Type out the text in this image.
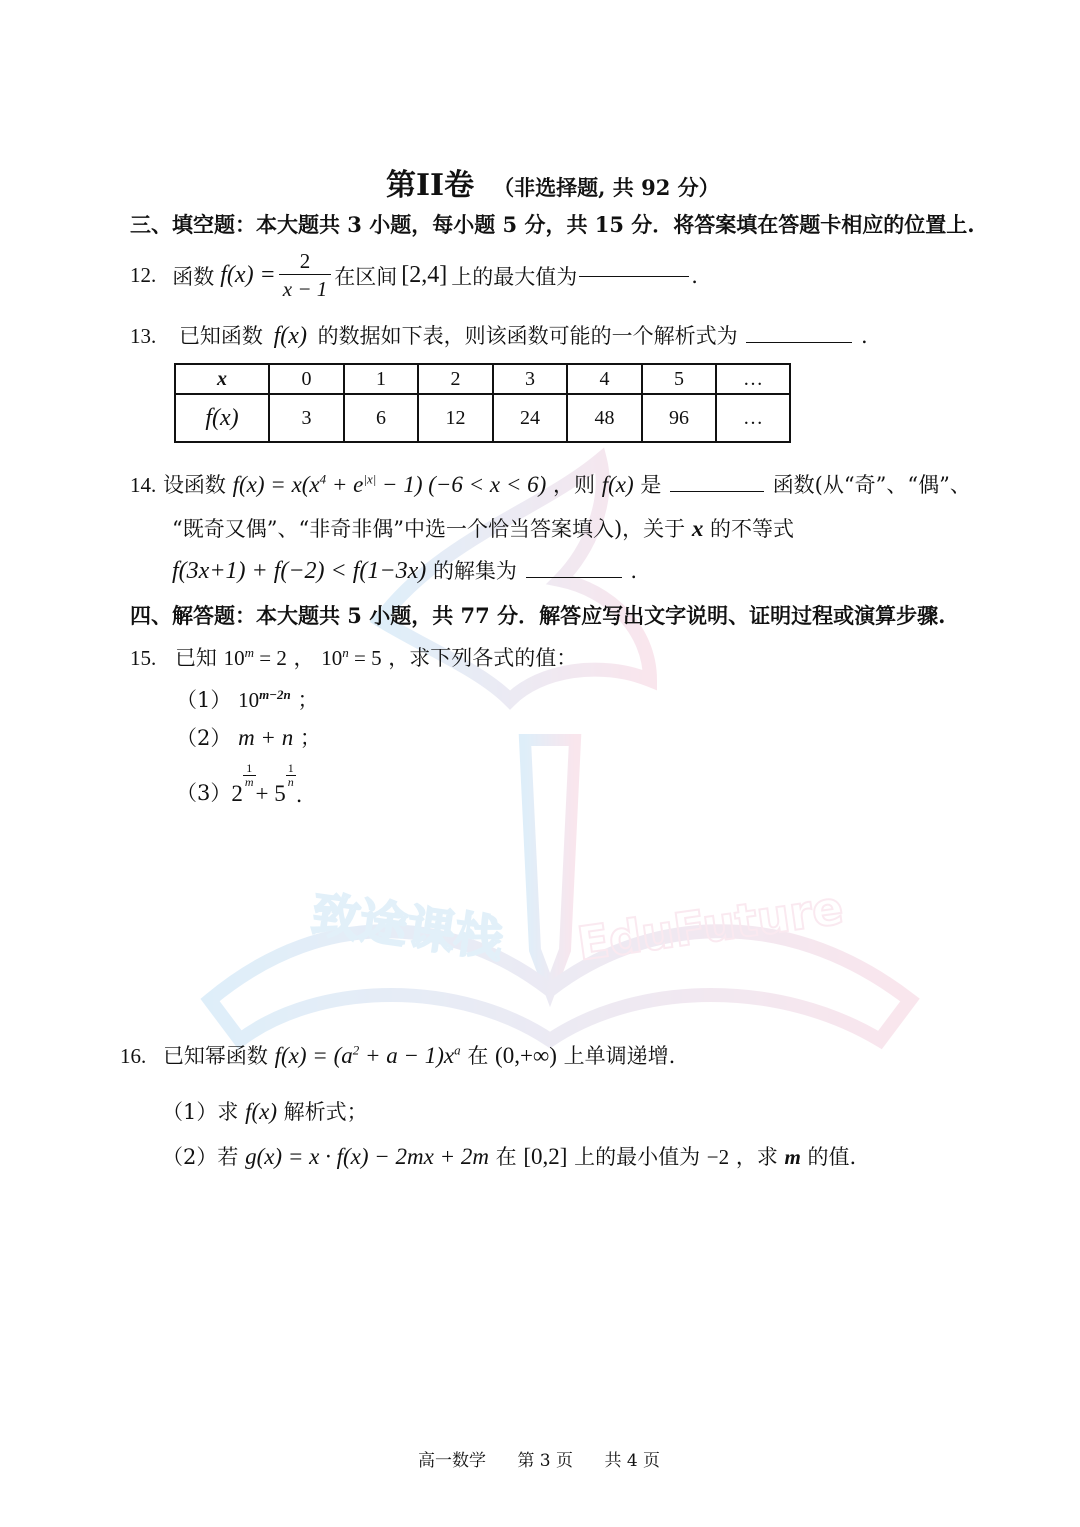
致途课栈 EduFuture
第II卷 （非选择题, 共 92 分）
三、填空题：本大题共 3 小题，每小题 5 分，共 15 分．将答案填在答题卡相应的位置上.
12. 函数 $f(x) = \frac{2}{x - 1}$ 在区间 [2,4] 上的最大值为	.
13. 已知函数 f(x) 的数据如下表，则该函数可能的一个解析式为	.
x	0	1	2	3	4	5	…
f(x)	3	6	12	24	48	96	…
14. 设函数 $f(x) = x(x^4 + e^{|x|} - 1) (-6 < x < 6)$ ，则 f(x) 是	函数(从“奇”、“偶”、
“既奇又偶”、“非奇非偶”中选一个恰当答案填入)，关于 x 的不等式
f(3x+1) + f(−2) < f(1−3x) 的解集为	.
四、解答题：本大题共 5 小题，共 77 分．解答应写出文字说明、证明过程或演算步骤.
15. 已知 $10^m = 2$ ， $10^n = 5$ ，求下列各式的值：
（1） $10^{m-2n}$ ；
（2） m + n ；
（3） 2
$\frac{1}{m}$
+ 5
$\frac{1}{n}$
.
16. 已知幂函数 $f(x) = (a^2 + a - 1)x^a$ 在 (0,+∞) 上单调递增.
（1）求 f(x) 解析式；
（2）若 g(x) = x · f(x) − 2mx + 2m 在 [0,2] 上的最小值为 −2 ，求 m 的值.
高一数学 第 3 页 共 4 页
